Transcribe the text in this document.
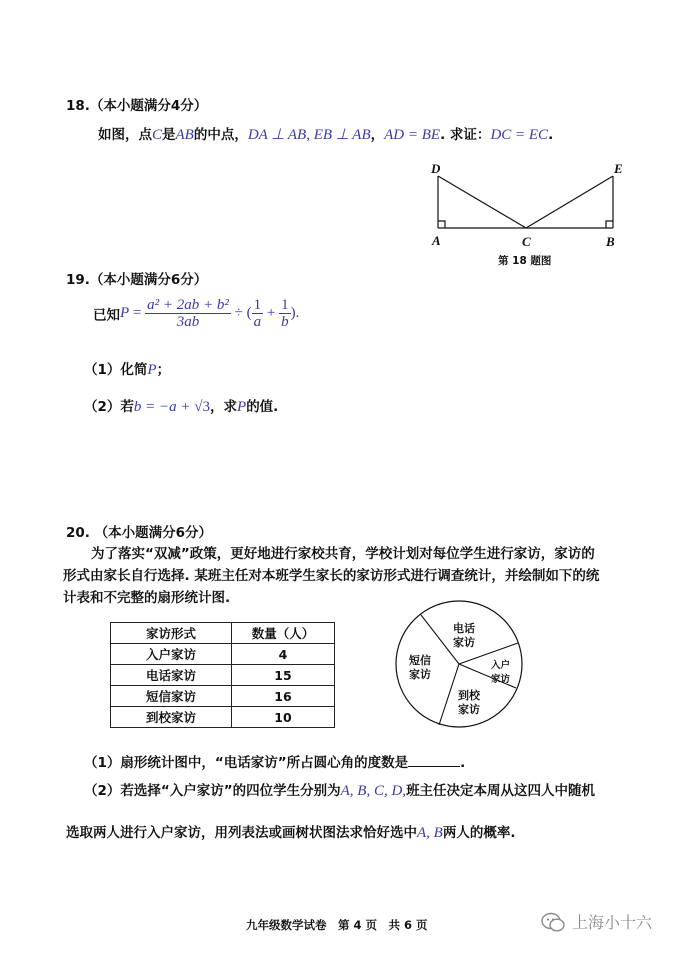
18.（本小题满分4分）
如图，点C是AB的中点，DA ⊥ AB, EB ⊥ AB，AD = BE. 求证：DC = EC.
D	E
A	C	B
第 18 题图
19.（本小题满分6分）
已知$P = \frac{\text{a² + 2ab + b²}}{3ab}$ ÷ ( $\frac{1}{a} + \frac{1}{b}$ ).
（1）化简P；
（2）若b = −a + √3，求P的值.
20. （本小题满分6分）
为了落实“双减”政策，更好地进行家校共育，学校计划对每位学生进行家访，家访的
形式由家长自行选择. 某班主任对本班学生家长的家访形式进行调查统计，并绘制如下的统
计表和不完整的扇形统计图.
家访形式	数量（人）
入户家访	4
电话家访	15
短信家访	16
到校家访	10
电话
家访
入户
家访
到校
家访
短信
家访
（1）扇形统计图中，“电话家访”所占圆心角的度数是	.
（2）若选择“入户家访”的四位学生分别为A, B, C, D,班主任决定本周从这四人中随机
选取两人进行入户家访，用列表法或画树状图法求恰好选中A, B两人的概率.
九年级数学试卷　第 4 页　共 6 页	上海小十六
